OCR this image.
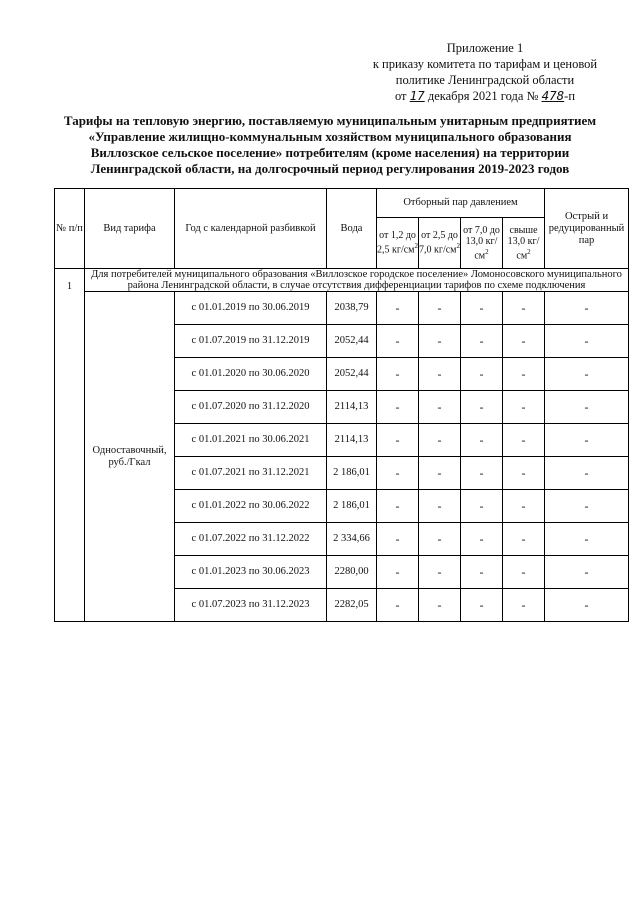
Приложение 1
к приказу комитета по тарифам и ценовой
политике Ленинградской области
от 17 декабря 2021 года № 478-п
Тарифы на тепловую энергию, поставляемую муниципальным унитарным предприятием
«Управление жилищно-коммунальным хозяйством муниципального образования
Виллозское сельское поселение» потребителям (кроме населения) на территории
Ленинградской области, на долгосрочный период регулирования 2019-2023 годов
№ п/п	Вид тарифа	Год с календарной разбивкой	Вода	Отборный пар давлением				Острый и редуцированный пар
				от 1,2 до 2,5 $кг/см^2$	от 2,5 до 7,0 $кг/см^2$	от 7,0 до 13,0 $кг/см^2$	свыше 13,0 $кг/см^2$
1	Для потребителей муниципального образования «Виллозское городское поселение» Ломоносовского муниципального района Ленинградской области, в случае отсутствия дифференциации тарифов по схеме подключения							
	Одноставочный, руб./Гкал	с 01.01.2019 по 30.06.2019	2038,79	-	-	-	-	-
		с 01.07.2019 по 31.12.2019	2052,44	-	-	-	-	-
		с 01.01.2020 по 30.06.2020	2052,44	-	-	-	-	-
		с 01.07.2020 по 31.12.2020	2114,13	-	-	-	-	-
		с 01.01.2021 по 30.06.2021	2114,13	-	-	-	-	-
		с 01.07.2021 по 31.12.2021	2 186,01	-	-	-	-	-
		с 01.01.2022 по 30.06.2022	2 186,01	-	-	-	-	-
		с 01.07.2022 по 31.12.2022	2 334,66	-	-	-	-	-
		с 01.01.2023 по 30.06.2023	2280,00	-	-	-	-	-
		с 01.07.2023 по 31.12.2023	2282,05	-	-	-	-	-
